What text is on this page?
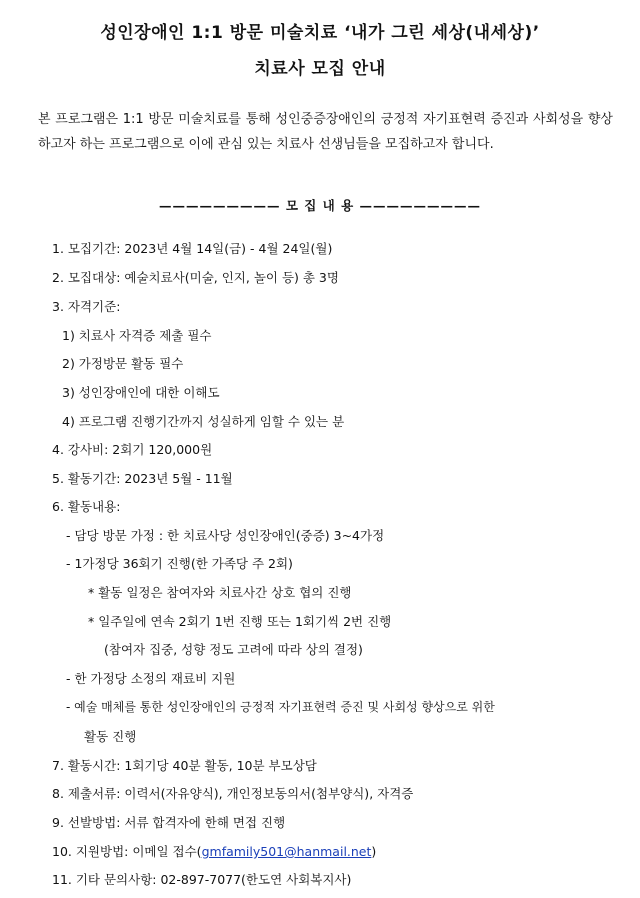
성인장애인 1:1 방문 미술치료 ‘내가 그린 세상(내세상)’
치료사 모집 안내
본 프로그램은 1:1 방문 미술치료를 통해 성인중증장애인의 긍정적 자기표현력 증진과 사회성을 향상하고자 하는 프로그램으로 이에 관심 있는 치료사 선생님들을 모집하고자 합니다.
————————— 모 집 내 용 —————————
1. 모집기간: 2023년 4월 14일(금) - 4월 24일(월)
2. 모집대상: 예술치료사(미술, 인지, 놀이 등) 총 3명
3. 자격기준:
1) 치료사 자격증 제출 필수
2) 가정방문 활동 필수
3) 성인장애인에 대한 이해도
4) 프로그램 진행기간까지 성실하게 임할 수 있는 분
4. 강사비: 2회기 120,000원
5. 활동기간: 2023년 5월 - 11월
6. 활동내용:
- 담당 방문 가정 : 한 치료사당 성인장애인(중증) 3~4가정
- 1가정당 36회기 진행(한 가족당 주 2회)
* 활동 일정은 참여자와 치료사간 상호 협의 진행
* 일주일에 연속 2회기 1번 진행 또는 1회기씩 2번 진행
(참여자 집중, 성향 정도 고려에 따라 상의 결정)
- 한 가정당 소정의 재료비 지원
- 예술 매체를 통한 성인장애인의 긍정적 자기표현력 증진 및 사회성 향상으로 위한
활동 진행
7. 활동시간: 1회기당 40분 활동, 10분 부모상담
8. 제출서류: 이력서(자유양식), 개인정보동의서(첨부양식), 자격증
9. 선발방법: 서류 합격자에 한해 면접 진행
10. 지원방법: 이메일 접수(gmfamily501@hanmail.net)
11. 기타 문의사항: 02-897-7077(한도연 사회복지사)
